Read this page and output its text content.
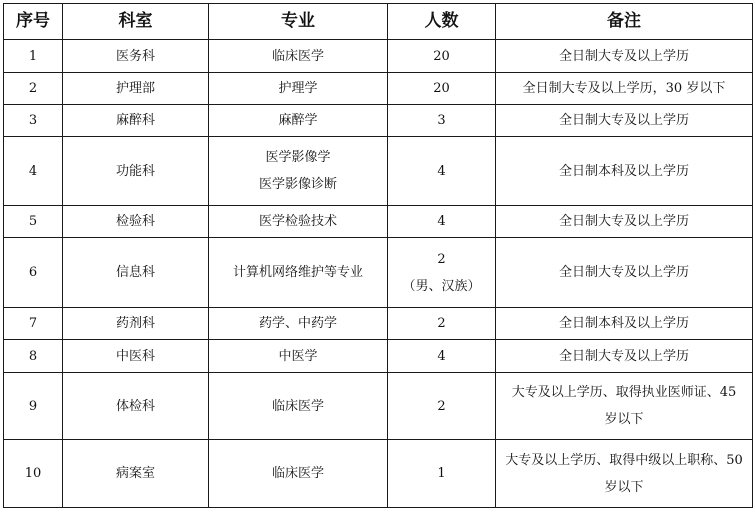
序号	科室	专业	人数	备注
1	医务科	临床医学	20	全日制大专及以上学历

2	护理部	护理学	20	全日制大专及以上学历，30 岁以下

3	麻醉科	麻醉学	3	全日制大专及以上学历

4	功能科	医学影像学
医学影像诊断	4	全日制本科及以上学历

5	检验科	医学检验技术	4	全日制大专及以上学历

6	信息科	计算机网络维护等专业	2
（男、汉族）	全日制大专及以上学历

7	药剂科	药学、中药学	2	全日制本科及以上学历

8	中医科	中医学	4	全日制大专及以上学历

9	体检科	临床医学	2	大专及以上学历、取得执业医师证、45
岁以下

10	病案室	临床医学	1	大专及以上学历、取得中级以上职称、50
岁以下
